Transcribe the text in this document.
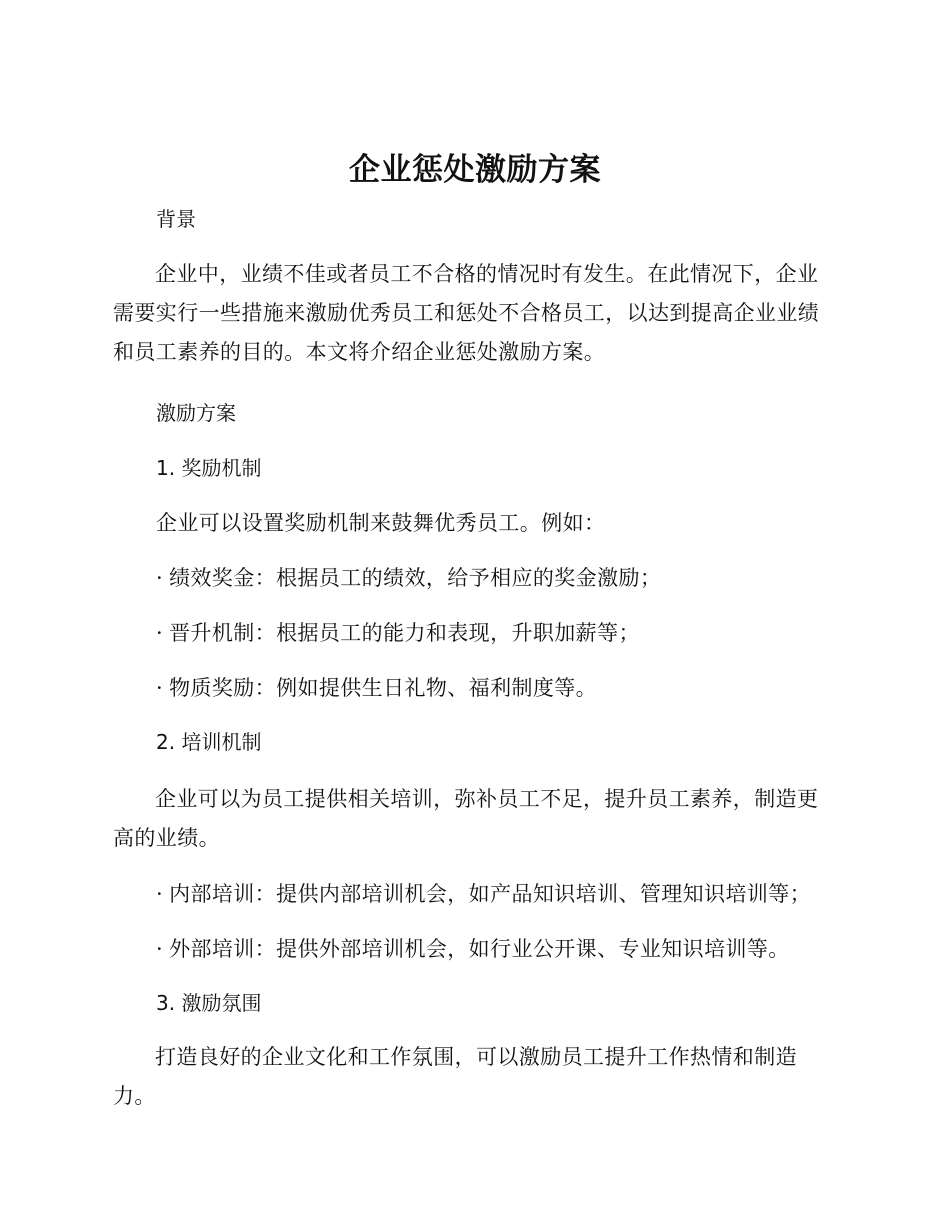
企业惩处激励方案
背景
企业中，业绩不佳或者员工不合格的情况时有发生。在此情况下，企业需要实行一些措施来激励优秀员工和惩处不合格员工，以达到提高企业业绩和员工素养的目的。本文将介绍企业惩处激励方案。
激励方案
1. 奖励机制
企业可以设置奖励机制来鼓舞优秀员工。例如：
· 绩效奖金：根据员工的绩效，给予相应的奖金激励；
· 晋升机制：根据员工的能力和表现，升职加薪等；
· 物质奖励：例如提供生日礼物、福利制度等。
2. 培训机制
企业可以为员工提供相关培训，弥补员工不足，提升员工素养，制造更高的业绩。
· 内部培训：提供内部培训机会，如产品知识培训、管理知识培训等；
· 外部培训：提供外部培训机会，如行业公开课、专业知识培训等。
3. 激励氛围
打造良好的企业文化和工作氛围，可以激励员工提升工作热情和制造力。
